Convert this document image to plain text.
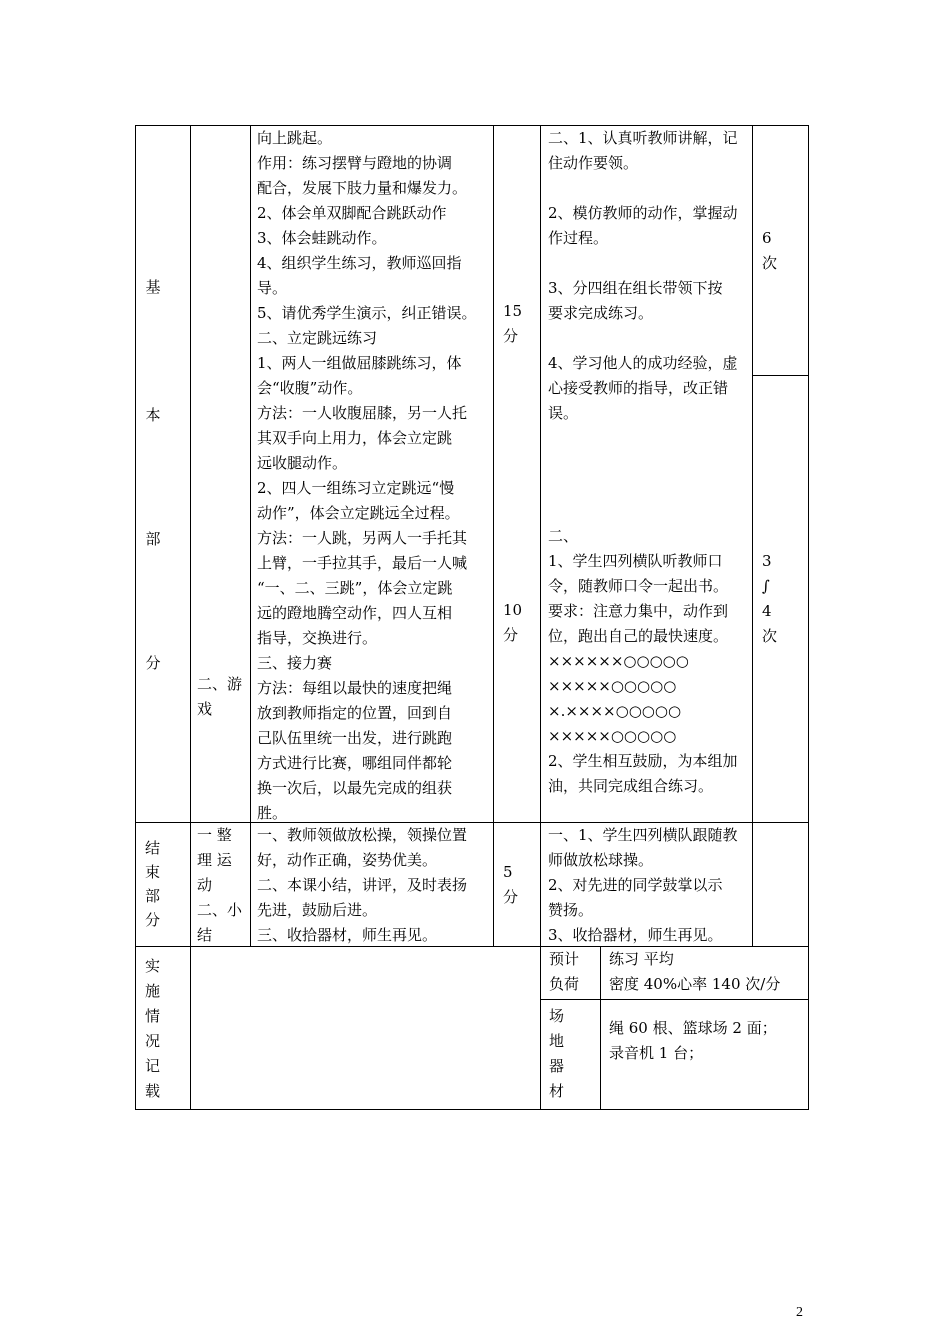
基
本
部
分
二、游
戏
向上跳起。
作用：练习摆臂与蹬地的协调
配合，发展下肢力量和爆发力。
2、体会单双脚配合跳跃动作
3、体会蛙跳动作。
4、组织学生练习，教师巡回指
导。
5、请优秀学生演示，纠正错误。
二、立定跳远练习
1、两人一组做屈膝跳练习，体
会“收腹”动作。
方法：一人收腹屈膝，另一人托
其双手向上用力，体会立定跳
远收腿动作。
2、四人一组练习立定跳远“慢
动作”，体会立定跳远全过程。
方法：一人跳，另两人一手托其
上臂，一手拉其手，最后一人喊
“一、二、三跳”，体会立定跳
远的蹬地腾空动作，四人互相
指导，交换进行。
三、接力赛
方法：每组以最快的速度把绳
放到教师指定的位置，回到自
己队伍里统一出发，进行跳跑
方式进行比赛，哪组同伴都轮
换一次后，以最先完成的组获
胜。
15
分
10
分
二、1、认真听教师讲解，记
住动作要领。

2、模仿教师的动作，掌握动
作过程。

3、分四组在组长带领下按
要求完成练习。

4、学习他人的成功经验，虚
心接受教师的指导，改正错
误。
二、
1、学生四列横队听教师口
令，随教师口令一起出书。
要求：注意力集中，动作到
位，跑出自己的最快速度。
××××××○○○○○
×××××○○○○○
×.××××○○○○○
×××××○○○○○
2、学生相互鼓励，为本组加
油，共同完成组合练习。
6
次
3
∫
4
次
结
束
部
分
一 整
理 运
动
二、小
结
一、教师领做放松操，领操位置
好，动作正确，姿势优美。
二、本课小结，讲评，及时表扬
先进，鼓励后进。
三、收拾器材，师生再见。
5
分
一、1、学生四列横队跟随教
师做放松球操。
2、对先进的同学鼓掌以示
赞扬。
3、收拾器材，师生再见。
实
施
情
况
记
载
预计
负荷
练习 平均
密度 40%心率 140 次/分
场
地
器
材
绳 60 根、篮球场 2 面；
录音机 1 台；
2
